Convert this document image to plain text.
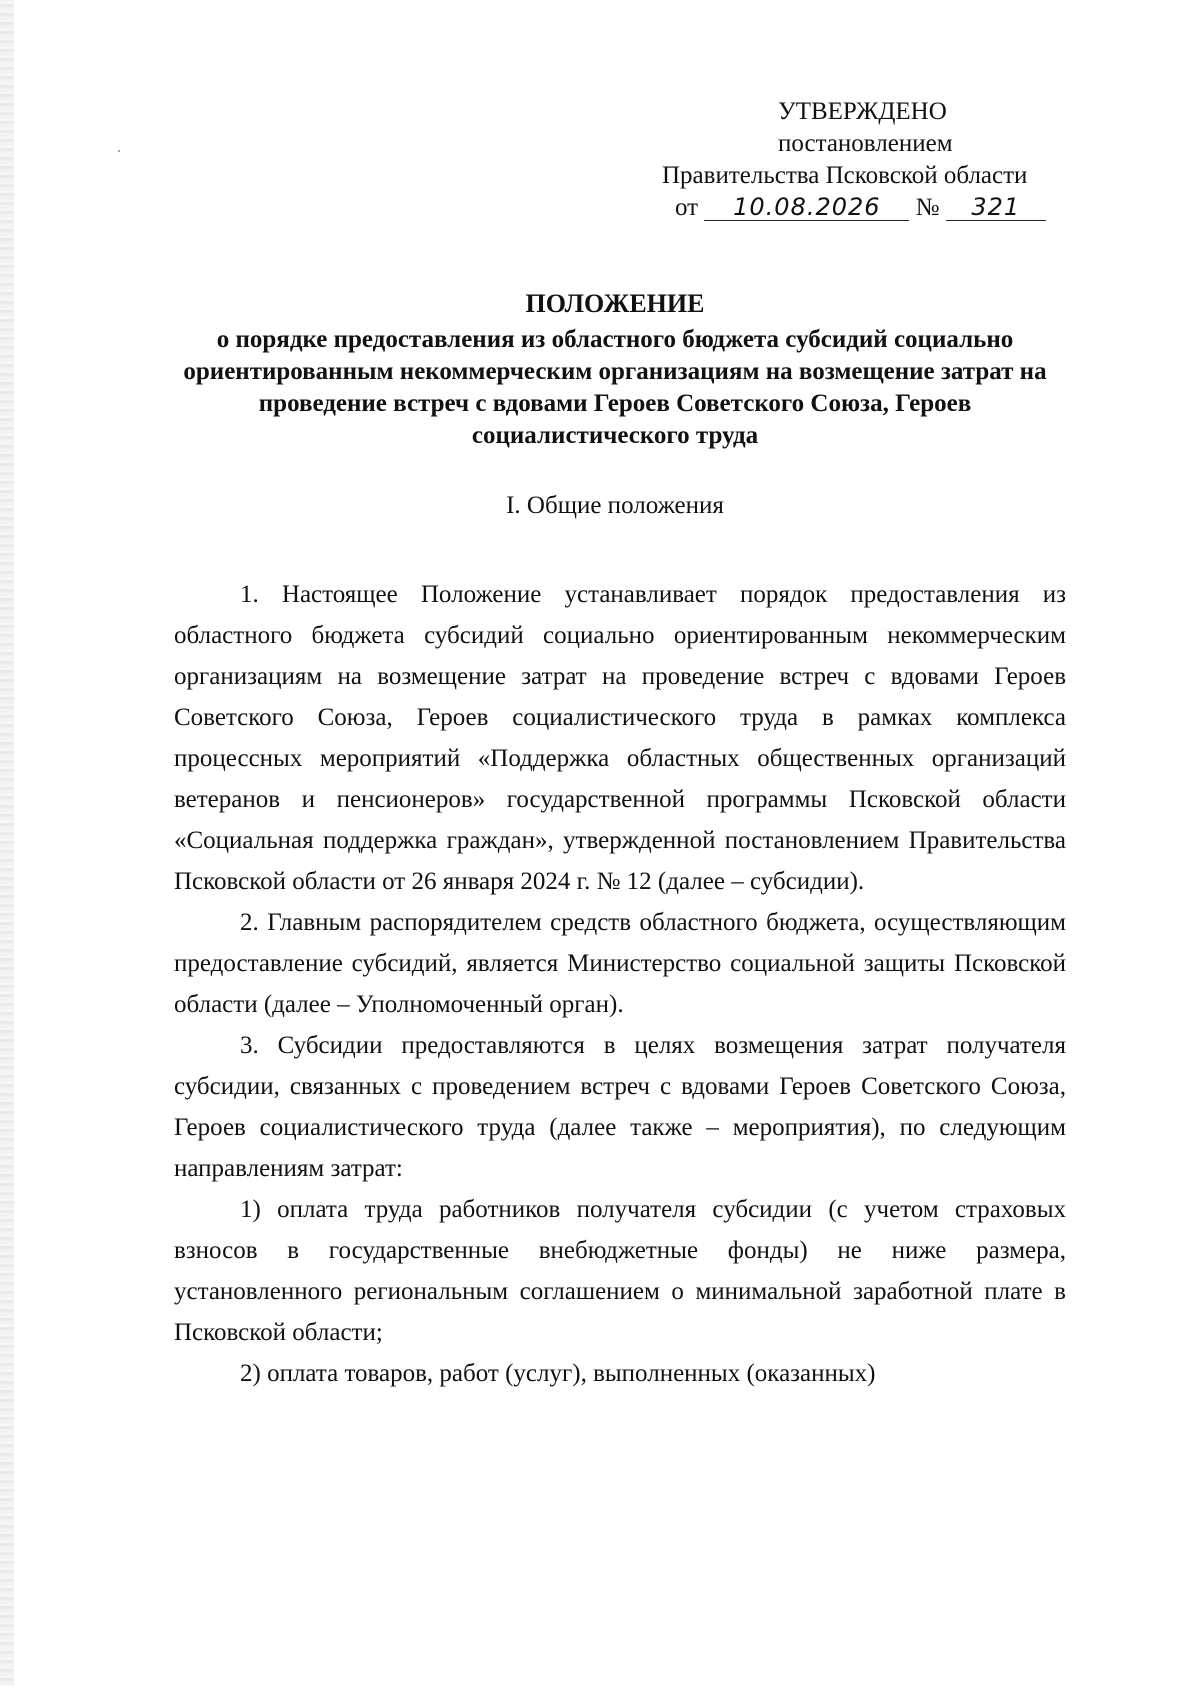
УТВЕРЖДЕНО
постановлением
Правительства Псковской области
от 10.08.2026 № 321
ПОЛОЖЕНИЕ
о порядке предоставления из областного бюджета субсидий социально ориентированным некоммерческим организациям на возмещение затрат на проведение встреч с вдовами Героев Советского Союза, Героев социалистического труда
I. Общие положения

1. Настоящее Положение устанавливает порядок предоставления из областного бюджета субсидий социально ориентированным некоммерческим организациям на возмещение затрат на проведение встреч с вдовами Героев Советского Союза, Героев социалистического труда в рамках комплекса процессных мероприятий «Поддержка областных общественных организаций ветеранов и пенсионеров» государственной программы Псковской области «Социальная поддержка граждан», утвержденной постановлением Правительства Псковской области от 26 января 2024 г. № 12 (далее – субсидии).

2. Главным распорядителем средств областного бюджета, осуществляющим предоставление субсидий, является Министерство социальной защиты Псковской области (далее – Уполномоченный орган).

3. Субсидии предоставляются в целях возмещения затрат получателя субсидии, связанных с проведением встреч с вдовами Героев Советского Союза, Героев социалистического труда (далее также – мероприятия), по следующим направлениям затрат:

1) оплата труда работников получателя субсидии (с учетом страховых взносов в государственные внебюджетные фонды) не ниже размера, установленного региональным соглашением о минимальной заработной плате в Псковской области;

2) оплата товаров, работ (услуг), выполненных (оказанных)
